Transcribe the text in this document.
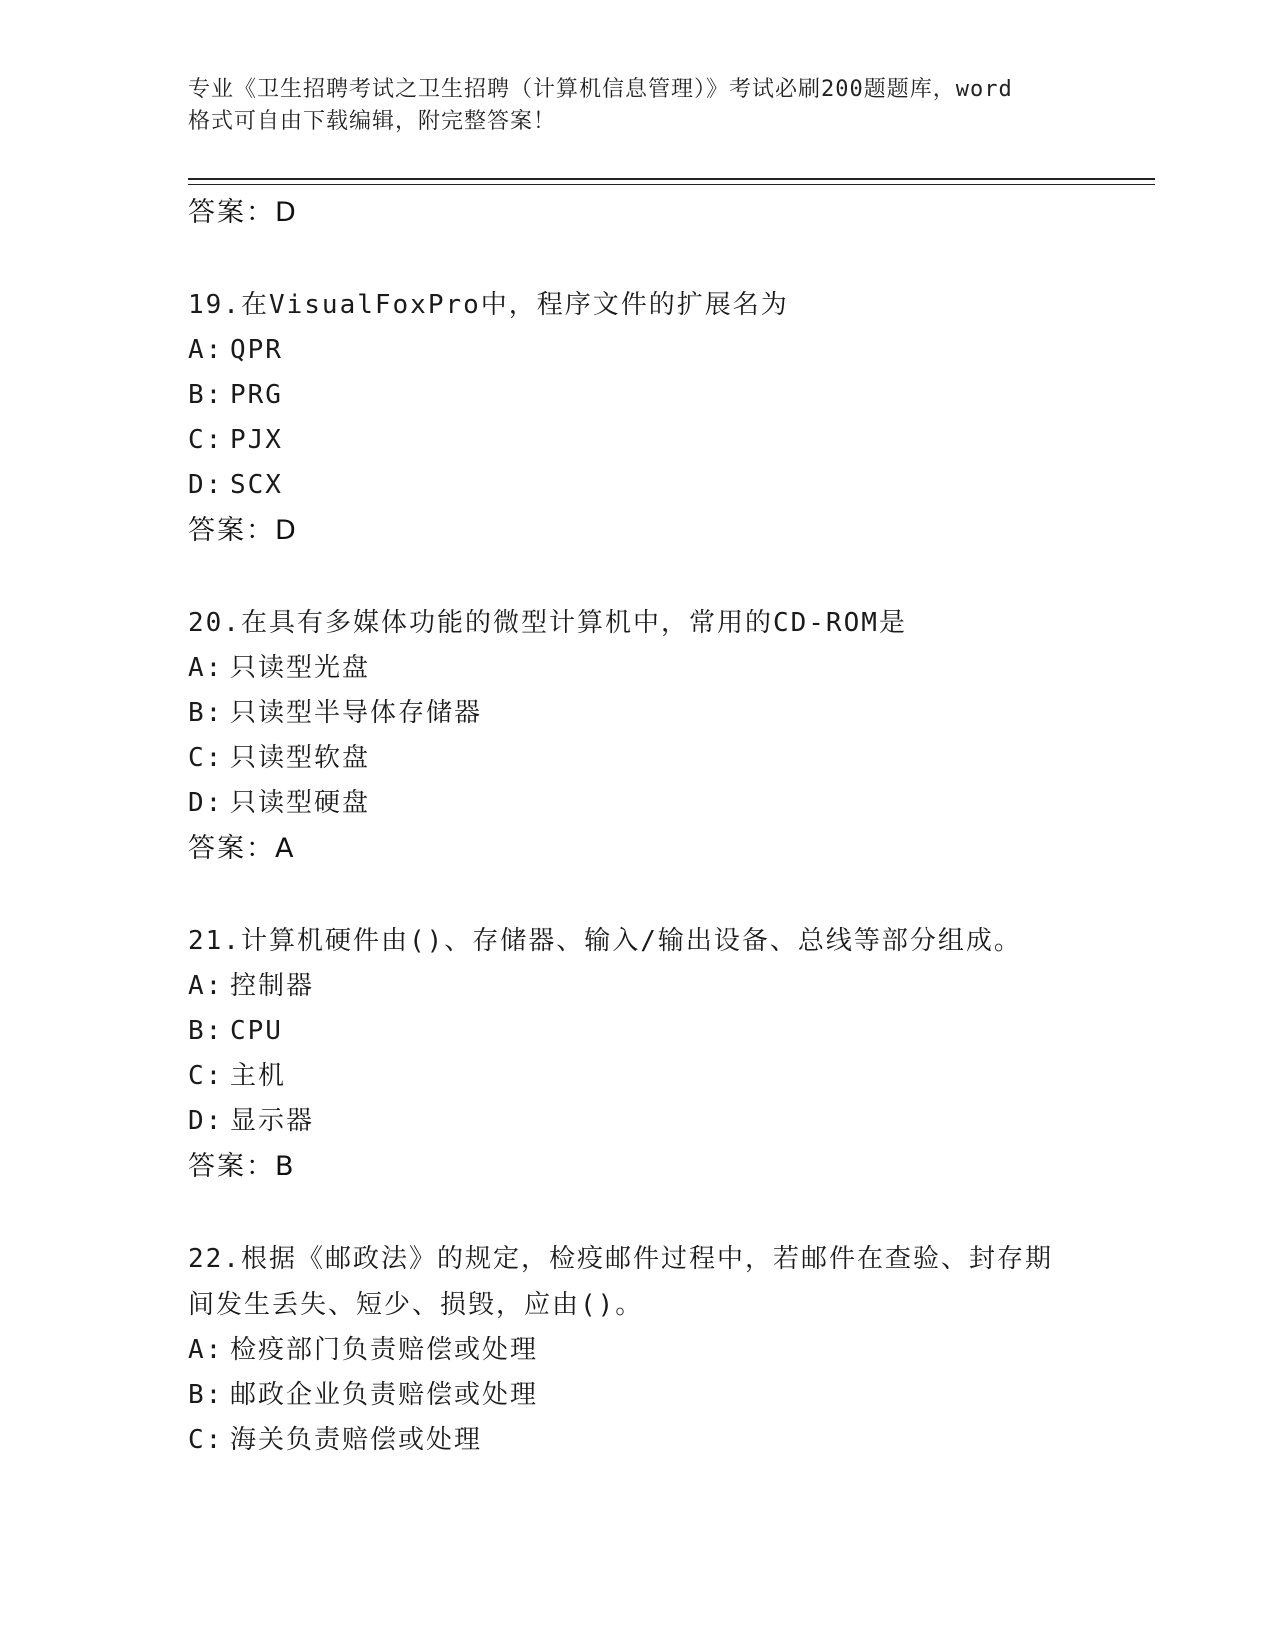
专业《卫生招聘考试之卫生招聘（计算机信息管理）》考试必刷200题题库，word
格式可自由下载编辑，附完整答案！
答案：D
19.在VisualFoxPro中，程序文件的扩展名为
A: QPR
B: PRG
C: PJX
D: SCX
答案：D
20.在具有多媒体功能的微型计算机中，常用的CD-ROM是
A: 只读型光盘
B: 只读型半导体存储器
C: 只读型软盘
D: 只读型硬盘
答案：A
21.计算机硬件由()、存储器、输入/输出设备、总线等部分组成。
A: 控制器
B: CPU
C: 主机
D: 显示器
答案：B
22.根据《邮政法》的规定，检疫邮件过程中，若邮件在查验、封存期
间发生丢失、短少、损毁，应由()。
A: 检疫部门负责赔偿或处理
B: 邮政企业负责赔偿或处理
C: 海关负责赔偿或处理
